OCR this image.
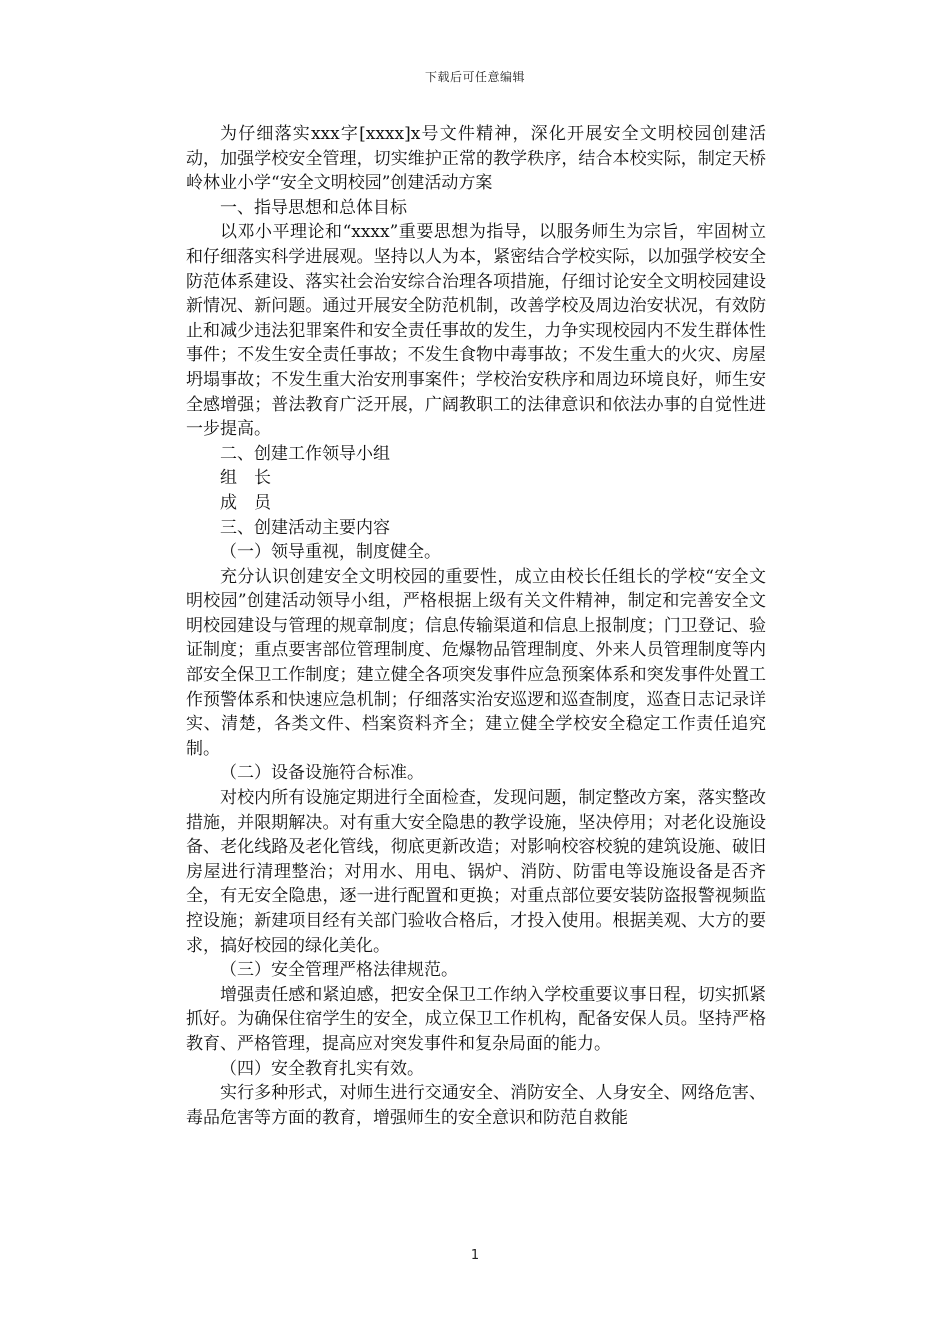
下载后可任意编辑

为仔细落实xxx字[xxxx]x号文件精神，深化开展安全文明校园创建活动，加强学校安全管理，切实维护正常的教学秩序，结合本校实际，制定天桥岭林业小学“安全文明校园”创建活动方案

一、指导思想和总体目标

以邓小平理论和“xxxx”重要思想为指导，以服务师生为宗旨，牢固树立和仔细落实科学进展观。坚持以人为本，紧密结合学校实际，以加强学校安全防范体系建设、落实社会治安综合治理各项措施，仔细讨论安全文明校园建设新情况、新问题。通过开展安全防范机制，改善学校及周边治安状况，有效防止和减少违法犯罪案件和安全责任事故的发生，力争实现校园内不发生群体性事件；不发生安全责任事故；不发生食物中毒事故；不发生重大的火灾、房屋坍塌事故；不发生重大治安刑事案件；学校治安秩序和周边环境良好，师生安全感增强；普法教育广泛开展，广阔教职工的法律意识和依法办事的自觉性进一步提高。

二、创建工作领导小组

组　长

成　员

三、创建活动主要内容

（一）领导重视，制度健全。

充分认识创建安全文明校园的重要性，成立由校长任组长的学校“安全文明校园”创建活动领导小组，严格根据上级有关文件精神，制定和完善安全文明校园建设与管理的规章制度；信息传输渠道和信息上报制度；门卫登记、验证制度；重点要害部位管理制度、危爆物品管理制度、外来人员管理制度等内部安全保卫工作制度；建立健全各项突发事件应急预案体系和突发事件处置工作预警体系和快速应急机制；仔细落实治安巡逻和巡查制度，巡查日志记录详实、清楚，各类文件、档案资料齐全；建立健全学校安全稳定工作责任追究制。

（二）设备设施符合标准。

对校内所有设施定期进行全面检查，发现问题，制定整改方案，落实整改措施，并限期解决。对有重大安全隐患的教学设施，坚决停用；对老化设施设备、老化线路及老化管线，彻底更新改造；对影响校容校貌的建筑设施、破旧房屋进行清理整治；对用水、用电、锅炉、消防、防雷电等设施设备是否齐全，有无安全隐患，逐一进行配置和更换；对重点部位要安装防盗报警视频监控设施；新建项目经有关部门验收合格后，才投入使用。根据美观、大方的要求，搞好校园的绿化美化。

（三）安全管理严格法律规范。

增强责任感和紧迫感，把安全保卫工作纳入学校重要议事日程，切实抓紧抓好。为确保住宿学生的安全，成立保卫工作机构，配备安保人员。坚持严格教育、严格管理，提高应对突发事件和复杂局面的能力。

（四）安全教育扎实有效。

实行多种形式，对师生进行交通安全、消防安全、人身安全、网络危害、毒品危害等方面的教育，增强师生的安全意识和防范自救能

1
